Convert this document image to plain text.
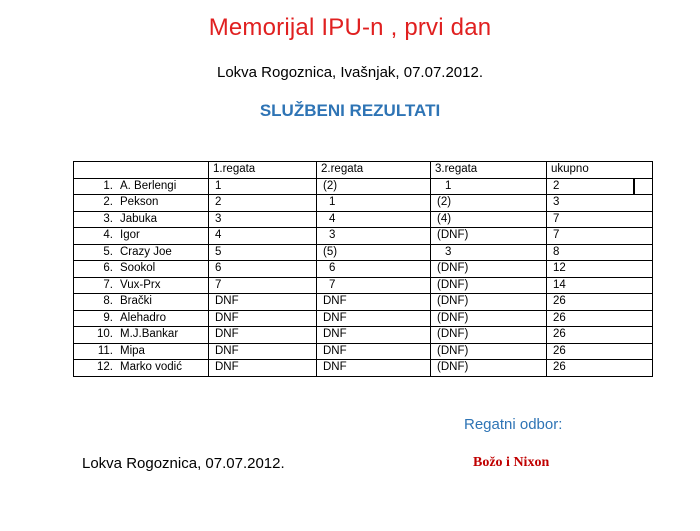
Memorijal IPU-n , prvi dan
Lokva Rogoznica, Ivašnjak, 07.07.2012.
SLUŽBENI REZULTATI
	1.regata	2.regata	3.regata	ukupno
1. A. Berlengi	1	(2)	1	2
2. Pekson	2	1	(2)	3
3. Jabuka	3	4	(4)	7
4. Igor	4	3	(DNF)	7
5. Crazy Joe	5	(5)	3	8
6. Sookol	6	6	(DNF)	12
7. Vux-Prx	7	7	(DNF)	14
8. Brački	DNF	DNF	(DNF)	26
9. Alehadro	DNF	DNF	(DNF)	26
10. M.J.Bankar	DNF	DNF	(DNF)	26
11. Mipa	DNF	DNF	(DNF)	26
12. Marko vodić	DNF	DNF	(DNF)	26
Regatni odbor:
Lokva Rogoznica, 07.07.2012.	Božo i Nixon
